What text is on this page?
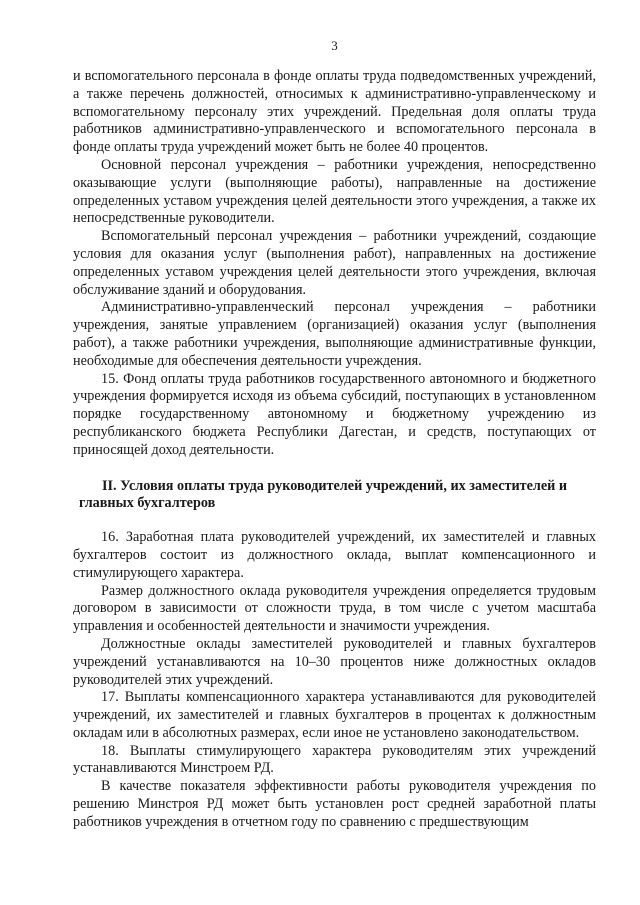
3

и вспомогательного персонала в фонде оплаты труда подведомственных учреждений, а также перечень должностей, относимых к административно-управленческому и вспомогательному персоналу этих учреждений. Предельная доля оплаты труда работников административно-управленческого и вспомогательного персонала в фонде оплаты труда учреждений может быть не более 40 процентов.

Основной персонал учреждения – работники учреждения, непосредственно оказывающие услуги (выполняющие работы), направленные на достижение определенных уставом учреждения целей деятельности этого учреждения, а также их непосредственные руководители.

Вспомогательный персонал учреждения – работники учреждений, создающие условия для оказания услуг (выполнения работ), направленных на достижение определенных уставом учреждения целей деятельности этого учреждения, включая обслуживание зданий и оборудования.

Административно-управленческий персонал учреждения – работники учреждения, занятые управлением (организацией) оказания услуг (выполнения работ), а также работники учреждения, выполняющие административные функции, необходимые для обеспечения деятельности учреждения.

15. Фонд оплаты труда работников государственного автономного и бюджетного учреждения формируется исходя из объема субсидий, поступающих в установленном порядке государственному автономному и бюджетному учреждению из республиканского бюджета Республики Дагестан, и средств, поступающих от приносящей доход деятельности.

II. Условия оплаты труда руководителей учреждений, их заместителей и главных бухгалтеров

16. Заработная плата руководителей учреждений, их заместителей и главных бухгалтеров состоит из должностного оклада, выплат компенсационного и стимулирующего характера.

Размер должностного оклада руководителя учреждения определяется трудовым договором в зависимости от сложности труда, в том числе с учетом масштаба управления и особенностей деятельности и значимости учреждения.

Должностные оклады заместителей руководителей и главных бухгалтеров учреждений устанавливаются на 10–30 процентов ниже должностных окладов руководителей этих учреждений.

17. Выплаты компенсационного характера устанавливаются для руководителей учреждений, их заместителей и главных бухгалтеров в процентах к должностным окладам или в абсолютных размерах, если иное не установлено законодательством.

18. Выплаты стимулирующего характера руководителям этих учреждений устанавливаются Минстроем РД.

В качестве показателя эффективности работы руководителя учреждения по решению Минстроя РД может быть установлен рост средней заработной платы работников учреждения в отчетном году по сравнению с предшествующим
